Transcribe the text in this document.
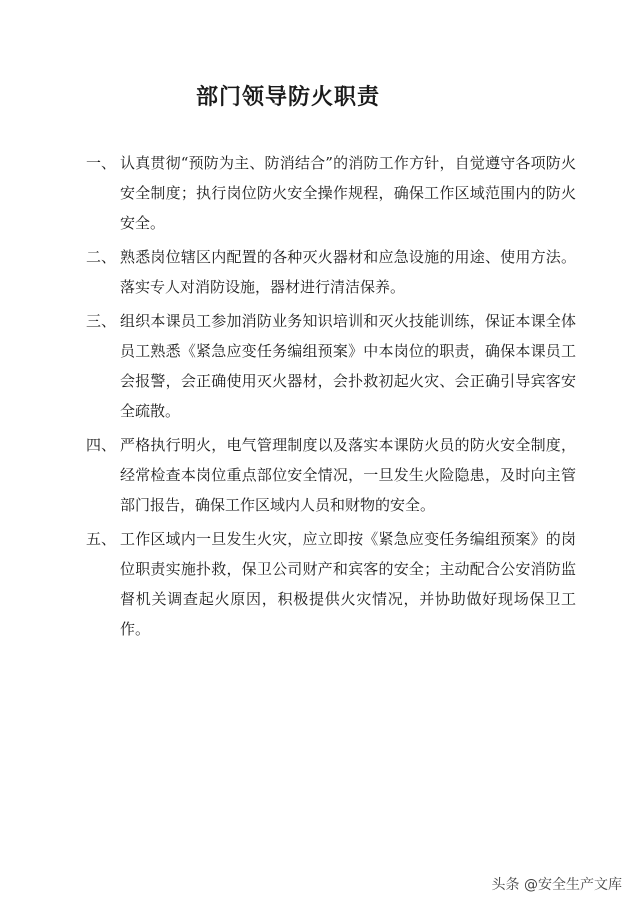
部门领导防火职责
一、 认真贯彻“预防为主、防消结合”的消防工作方针，自觉遵守各项防火安全制度；执行岗位防火安全操作规程，确保工作区域范围内的防火安全。
二、 熟悉岗位辖区内配置的各种灭火器材和应急设施的用途、使用方法。落实专人对消防设施，器材进行清洁保养。
三、 组织本课员工参加消防业务知识培训和灭火技能训练，保证本课全体员工熟悉《紧急应变任务编组预案》中本岗位的职责，确保本课员工会报警，会正确使用灭火器材，会扑救初起火灾、会正确引导宾客安全疏散。
四、 严格执行明火，电气管理制度以及落实本课防火员的防火安全制度，经常检查本岗位重点部位安全情况，一旦发生火险隐患，及时向主管部门报告，确保工作区域内人员和财物的安全。
五、 工作区域内一旦发生火灾，应立即按《紧急应变任务编组预案》的岗位职责实施扑救，保卫公司财产和宾客的安全；主动配合公安消防监督机关调查起火原因，积极提供火灾情况，并协助做好现场保卫工作。
头条 @安全生产文库
